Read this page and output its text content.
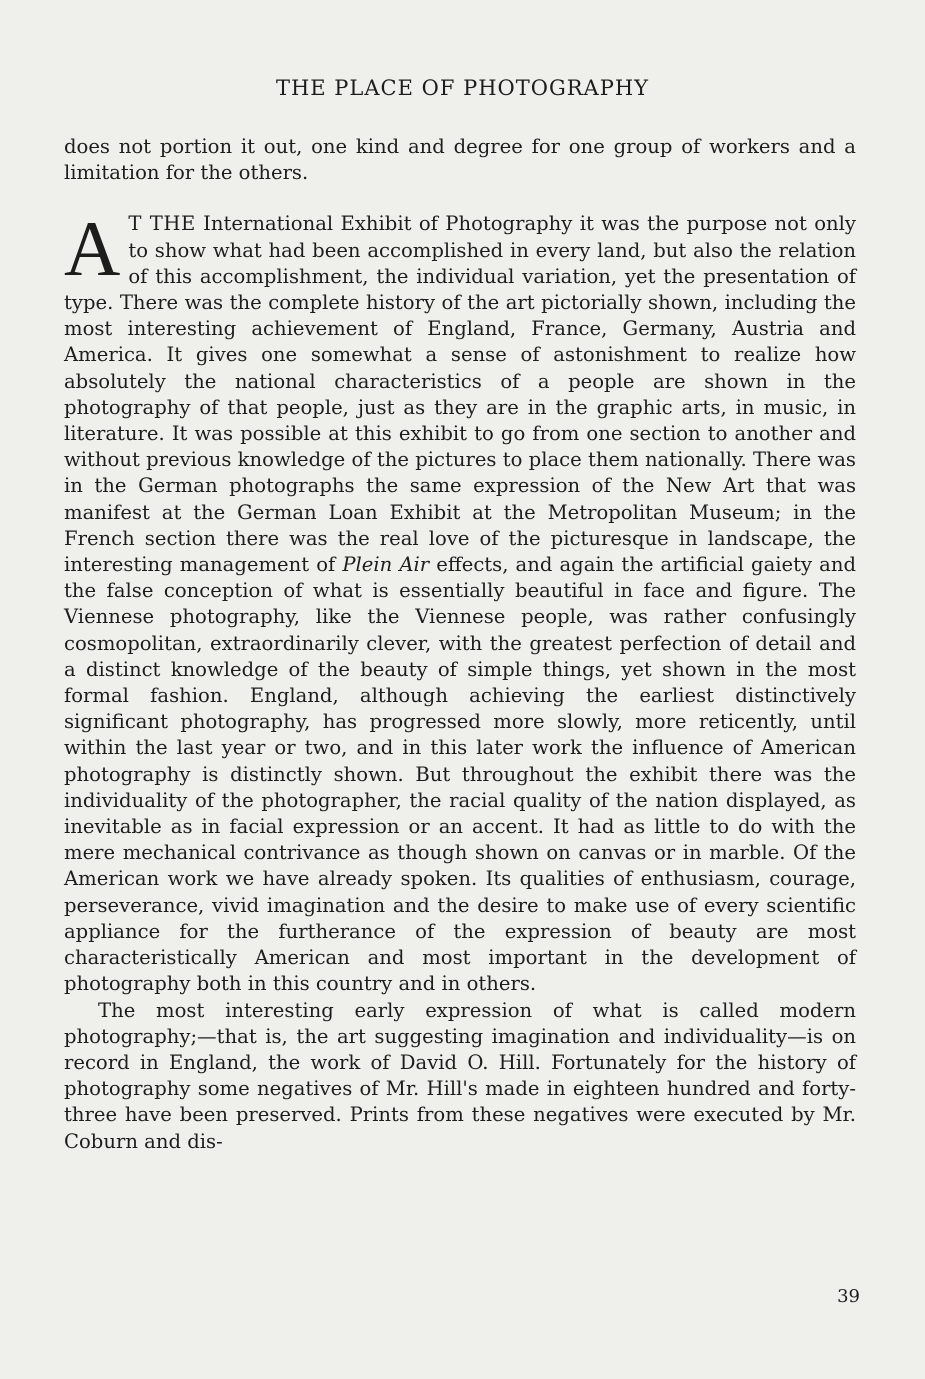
THE PLACE OF PHOTOGRAPHY

does not portion it out, one kind and degree for one group of workers and a limitation for the others.

A T THE International Exhibit of Photography it was the purpose not only to show what had been accomplished in every land, but also the relation of this accomplishment, the individual variation, yet the presentation of type. There was the complete history of the art pictorially shown, including the most interesting achievement of England, France, Germany, Austria and America. It gives one somewhat a sense of astonishment to realize how absolutely the national characteristics of a people are shown in the photography of that people, just as they are in the graphic arts, in music, in literature. It was possible at this exhibit to go from one section to another and without previous knowledge of the pictures to place them nationally. There was in the German photographs the same expression of the New Art that was manifest at the German Loan Exhibit at the Metropolitan Museum; in the French section there was the real love of the picturesque in landscape, the interesting management of Plein Air effects, and again the artificial gaiety and the false conception of what is essentially beautiful in face and figure. The Viennese photography, like the Viennese people, was rather confusingly cosmopolitan, extraordinarily clever, with the greatest perfection of detail and a distinct knowledge of the beauty of simple things, yet shown in the most formal fashion. England, although achieving the earliest distinctively significant photography, has progressed more slowly, more reticently, until within the last year or two, and in this later work the influence of American photography is distinctly shown. But throughout the exhibit there was the individuality of the photographer, the racial quality of the nation displayed, as inevitable as in facial expression or an accent. It had as little to do with the mere mechanical contrivance as though shown on canvas or in marble. Of the American work we have already spoken. Its qualities of enthusiasm, courage, perseverance, vivid imagination and the desire to make use of every scientific appliance for the furtherance of the expression of beauty are most characteristically American and most important in the development of photography both in this country and in others.

The most interesting early expression of what is called modern photography;—that is, the art suggesting imagination and individuality—is on record in England, the work of David O. Hill. Fortunately for the history of photography some negatives of Mr. Hill's made in eighteen hundred and forty-three have been preserved. Prints from these negatives were executed by Mr. Coburn and dis-

39
